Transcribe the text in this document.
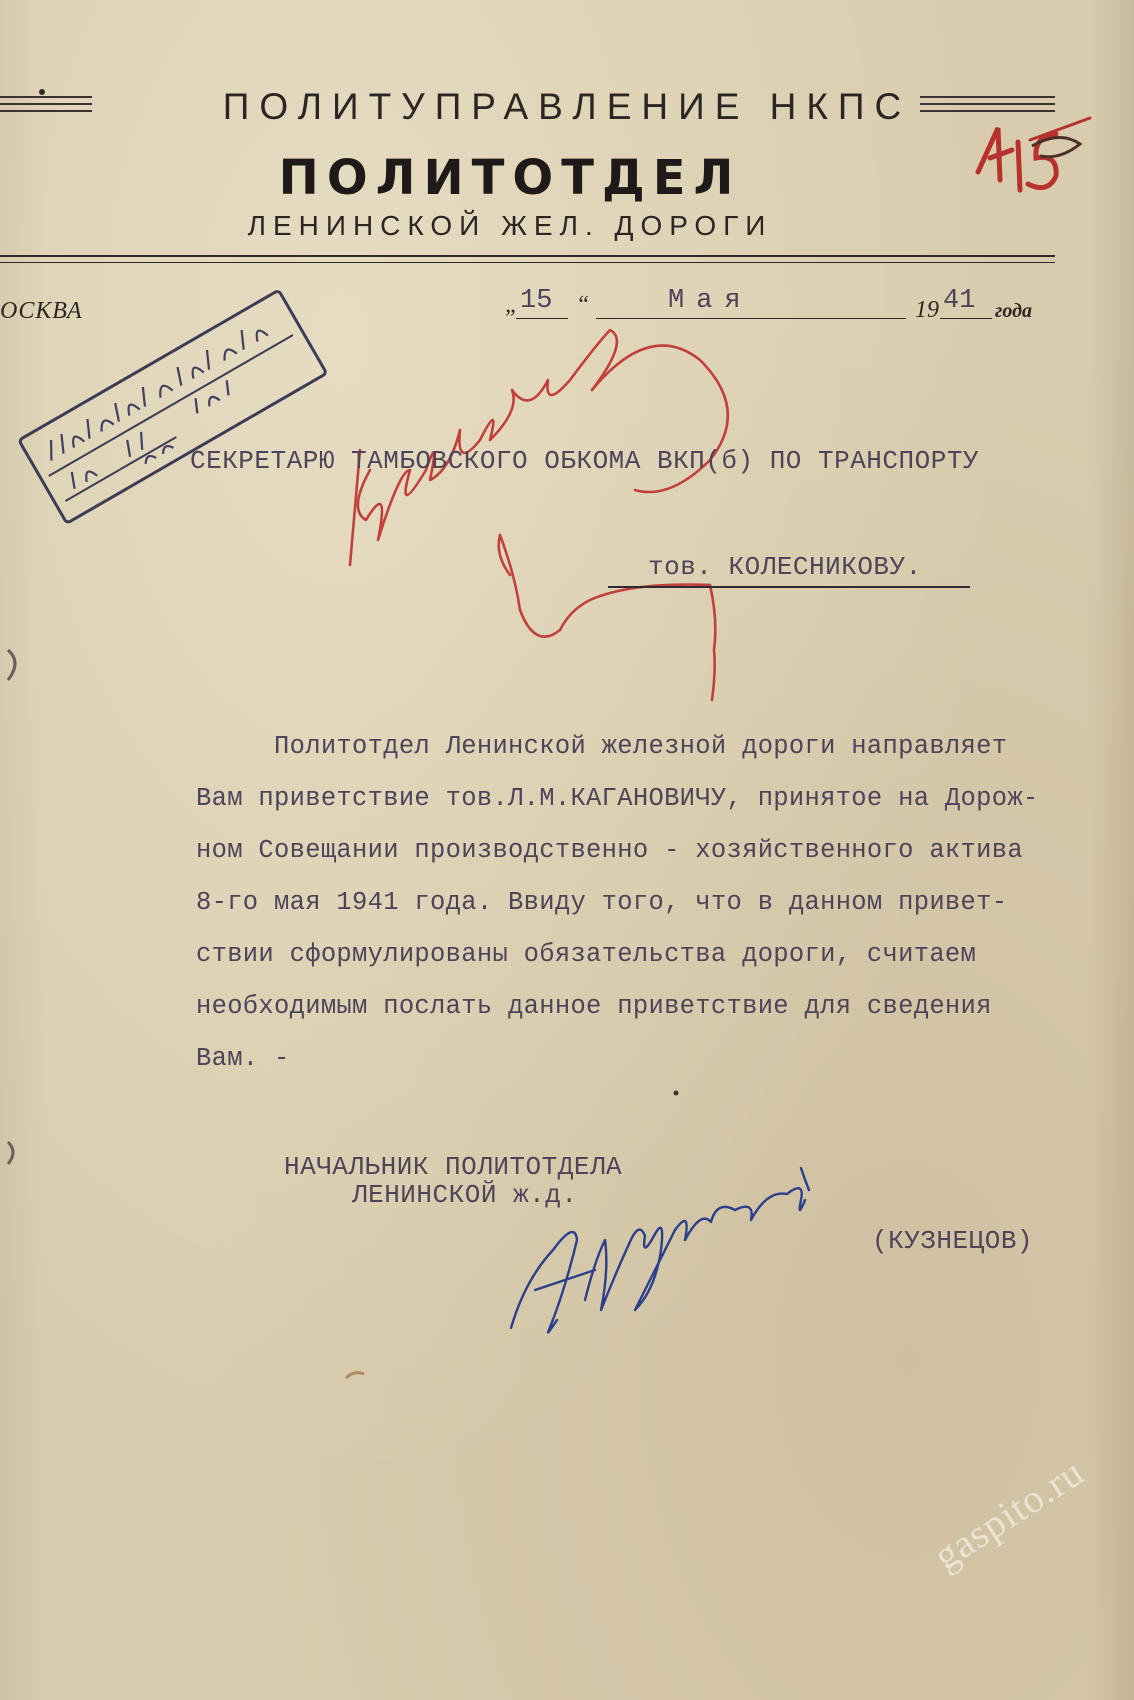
ПОЛИТУПРАВЛЕНИЕ НКПС
ПОЛИТОТДЕЛ
ЛЕНИНСКОЙ ЖЕЛ. ДОРОГИ
ОСКВА	„ 15 “	Мая	19 41 года
СЕКРЕТАРЮ ТАМБОВСКОГО ОБКОМА ВКП(б) ПО ТРАНСПОРТУ
тов. КОЛЕСНИКОВУ.
Политотдел Ленинской железной дороги направляет
Вам приветствие тов.Л.М.КАГАНОВИЧУ, принятое на Дорож-
ном Совещании производственно - хозяйственного актива
8-го мая 1941 года. Ввиду того, что в данном привет-
ствии сформулированы обязательства дороги, считаем
необходимым послать данное приветствие для сведения
Вам. -
НАЧАЛЬНИК ПОЛИТОТДЕЛА
ЛЕНИНСКОЙ ж.д.
(КУЗНЕЦОВ)
gaspito.ru
